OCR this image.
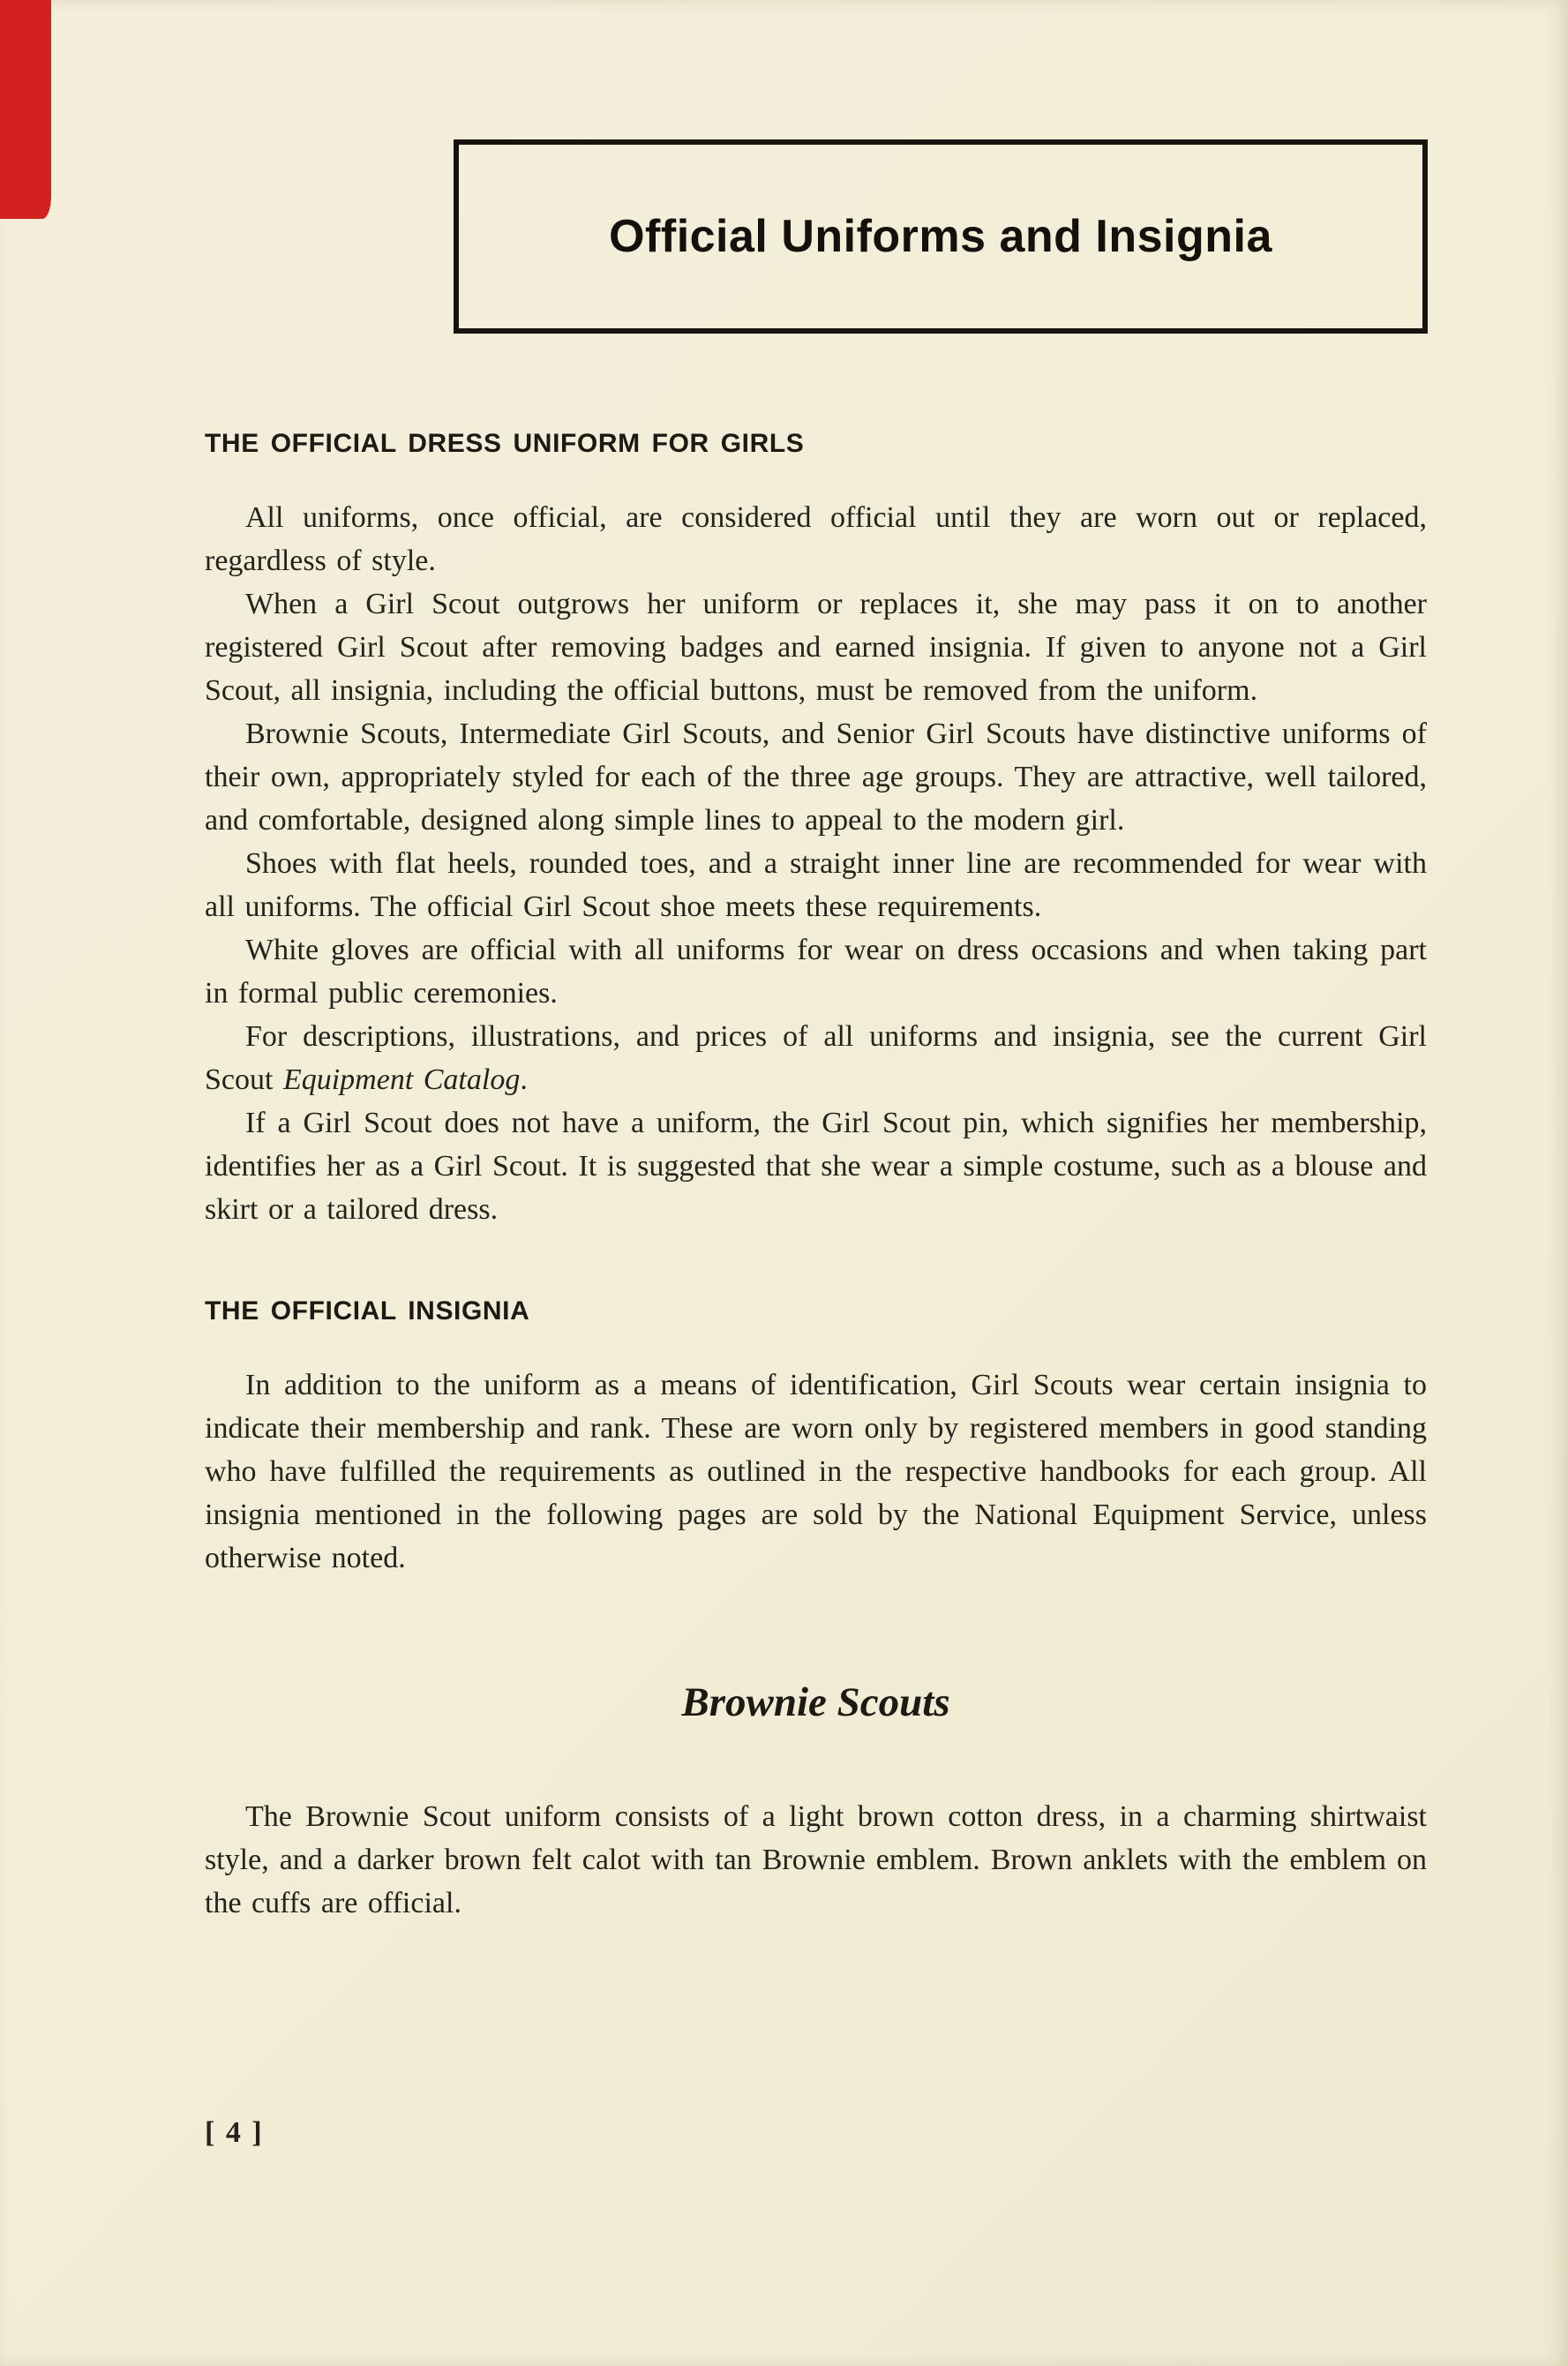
Official Uniforms and Insignia
THE OFFICIAL DRESS UNIFORM FOR GIRLS

All uniforms, once official, are considered official until they are worn out or replaced, regardless of style.

When a Girl Scout outgrows her uniform or replaces it, she may pass it on to another registered Girl Scout after removing badges and earned insignia. If given to anyone not a Girl Scout, all insignia, including the official buttons, must be removed from the uniform.

Brownie Scouts, Intermediate Girl Scouts, and Senior Girl Scouts have distinctive uniforms of their own, appropriately styled for each of the three age groups. They are attractive, well tailored, and comfortable, designed along simple lines to appeal to the modern girl.

Shoes with flat heels, rounded toes, and a straight inner line are recommended for wear with all uniforms. The official Girl Scout shoe meets these requirements.

White gloves are official with all uniforms for wear on dress occasions and when taking part in formal public ceremonies.

For descriptions, illustrations, and prices of all uniforms and insignia, see the current Girl Scout Equipment Catalog.

If a Girl Scout does not have a uniform, the Girl Scout pin, which signifies her membership, identifies her as a Girl Scout. It is suggested that she wear a simple costume, such as a blouse and skirt or a tailored dress.

THE OFFICIAL INSIGNIA

In addition to the uniform as a means of identification, Girl Scouts wear certain insignia to indicate their membership and rank. These are worn only by registered members in good standing who have fulfilled the requirements as outlined in the respective handbooks for each group. All insignia mentioned in the following pages are sold by the National Equipment Service, unless otherwise noted.

Brownie Scouts

The Brownie Scout uniform consists of a light brown cotton dress, in a charming shirtwaist style, and a darker brown felt calot with tan Brownie emblem. Brown anklets with the emblem on the cuffs are official.

[ 4 ]
